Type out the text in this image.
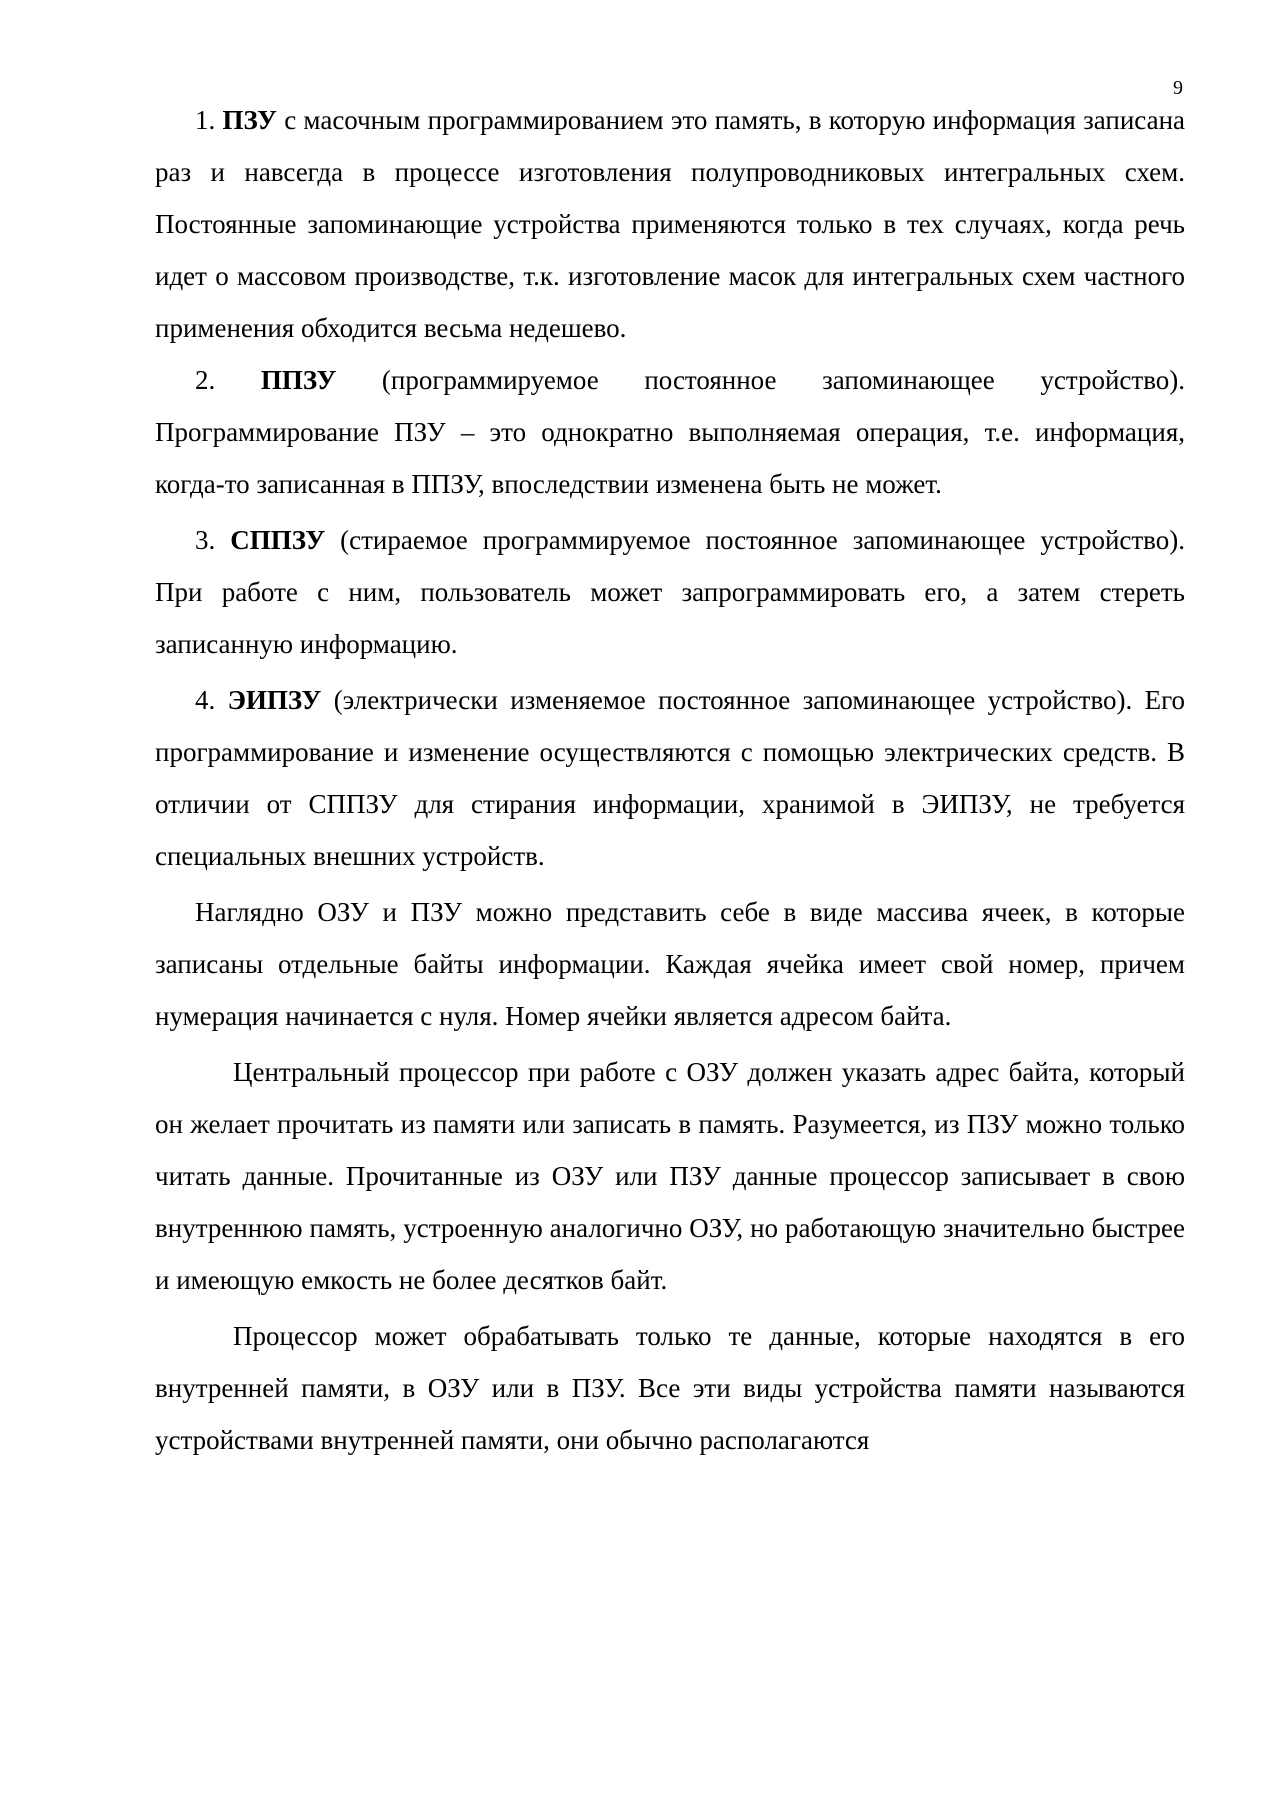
9

1. ПЗУ с масочным программированием это память, в которую информация записана раз и навсегда в процессе изготовления полупроводниковых интегральных схем. Постоянные запоминающие устройства применяются только в тех случаях, когда речь идет о массовом производстве, т.к. изготовление масок для интегральных схем частного применения обходится весьма недешево.

2. ППЗУ (программируемое постоянное запоминающее устройство). Программирование ПЗУ – это однократно выполняемая операция, т.е. информация, когда-то записанная в ППЗУ, впоследствии изменена быть не может.

3. СППЗУ (стираемое программируемое постоянное запоминающее устройство). При работе с ним, пользователь может запрограммировать его, а затем стереть записанную информацию.

4. ЭИПЗУ (электрически изменяемое постоянное запоминающее устройство). Его программирование и изменение осуществляются с помощью электрических средств. В отличии от СППЗУ для стирания информации, хранимой в ЭИПЗУ, не требуется специальных внешних устройств.

Наглядно ОЗУ и ПЗУ можно представить себе в виде массива ячеек, в которые записаны отдельные байты информации. Каждая ячейка имеет свой номер, причем нумерация начинается с нуля. Номер ячейки является адресом байта.

Центральный процессор при работе с ОЗУ должен указать адрес байта, который он желает прочитать из памяти или записать в память. Разумеется, из ПЗУ можно только читать данные. Прочитанные из ОЗУ или ПЗУ данные процессор записывает в свою внутреннюю память, устроенную аналогично ОЗУ, но работающую значительно быстрее и имеющую емкость не более десятков байт.

Процессор может обрабатывать только те данные, которые находятся в его внутренней памяти, в ОЗУ или в ПЗУ. Все эти виды устройства памяти называются устройствами внутренней памяти, они обычно располагаются
